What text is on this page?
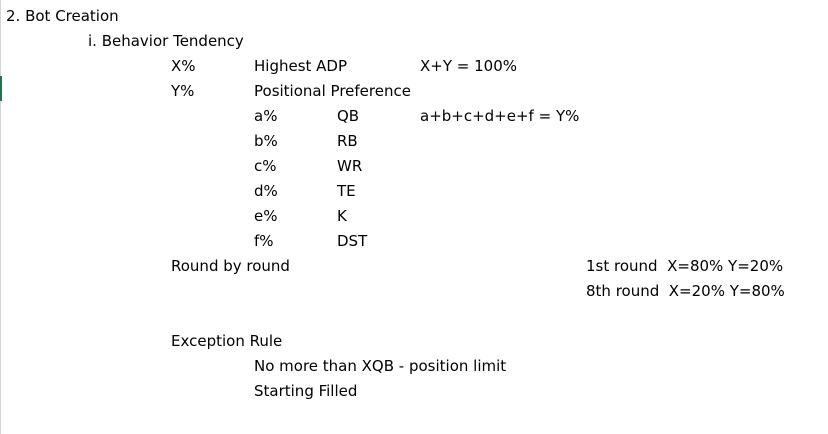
2. Bot Creation
i. Behavior Tendency
X%	Highest ADP	X+Y = 100%
Y%	Positional Preference
a%	QB	a+b+c+d+e+f = Y%
b%	RB
c%	WR
d%	TE
e%	K
f%	DST
Round by round	1st round  X=80% Y=20%
8th round  X=20% Y=80%
Exception Rule
No more than XQB - position limit
Starting Filled
